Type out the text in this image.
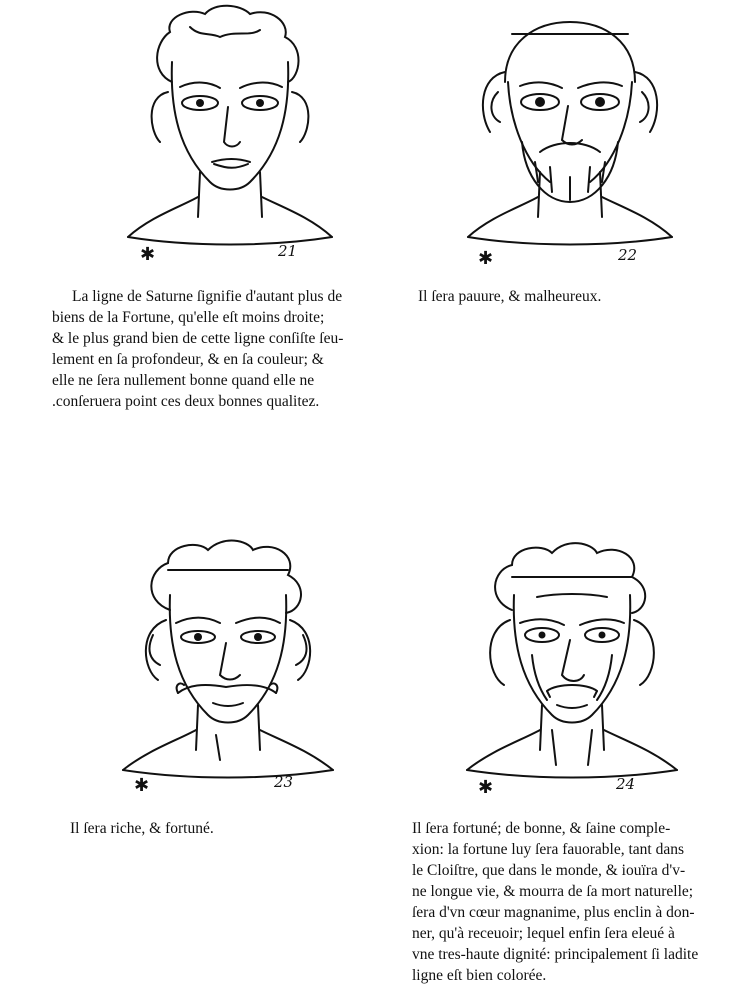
✱	21	✱	22
La ligne de Saturne ſignifie d'autant plus de
biens de la Fortune, qu'elle eſt moins droite;
& le plus grand bien de cette ligne conſiſte ſeu-
lement en ſa profondeur, & en ſa couleur; &
elle ne ſera nullement bonne quand elle ne
.conſeruera point ces deux bonnes qualitez.
Il ſera pauure, & malheureux.
✱	23	✱	24
Il ſera riche, & fortuné.	Il ſera fortuné; de bonne, & ſaine comple-
xion: la fortune luy ſera fauorable, tant dans
le Cloiſtre, que dans le monde, & iouïra d'v-
ne longue vie, & mourra de ſa mort naturelle;
ſera d'vn cœur magnanime, plus enclin à don-
ner, qu'à receuoir; lequel enfin ſera eleué à
vne tres-haute dignité: principalement ſi ladite
ligne eſt bien colorée.
